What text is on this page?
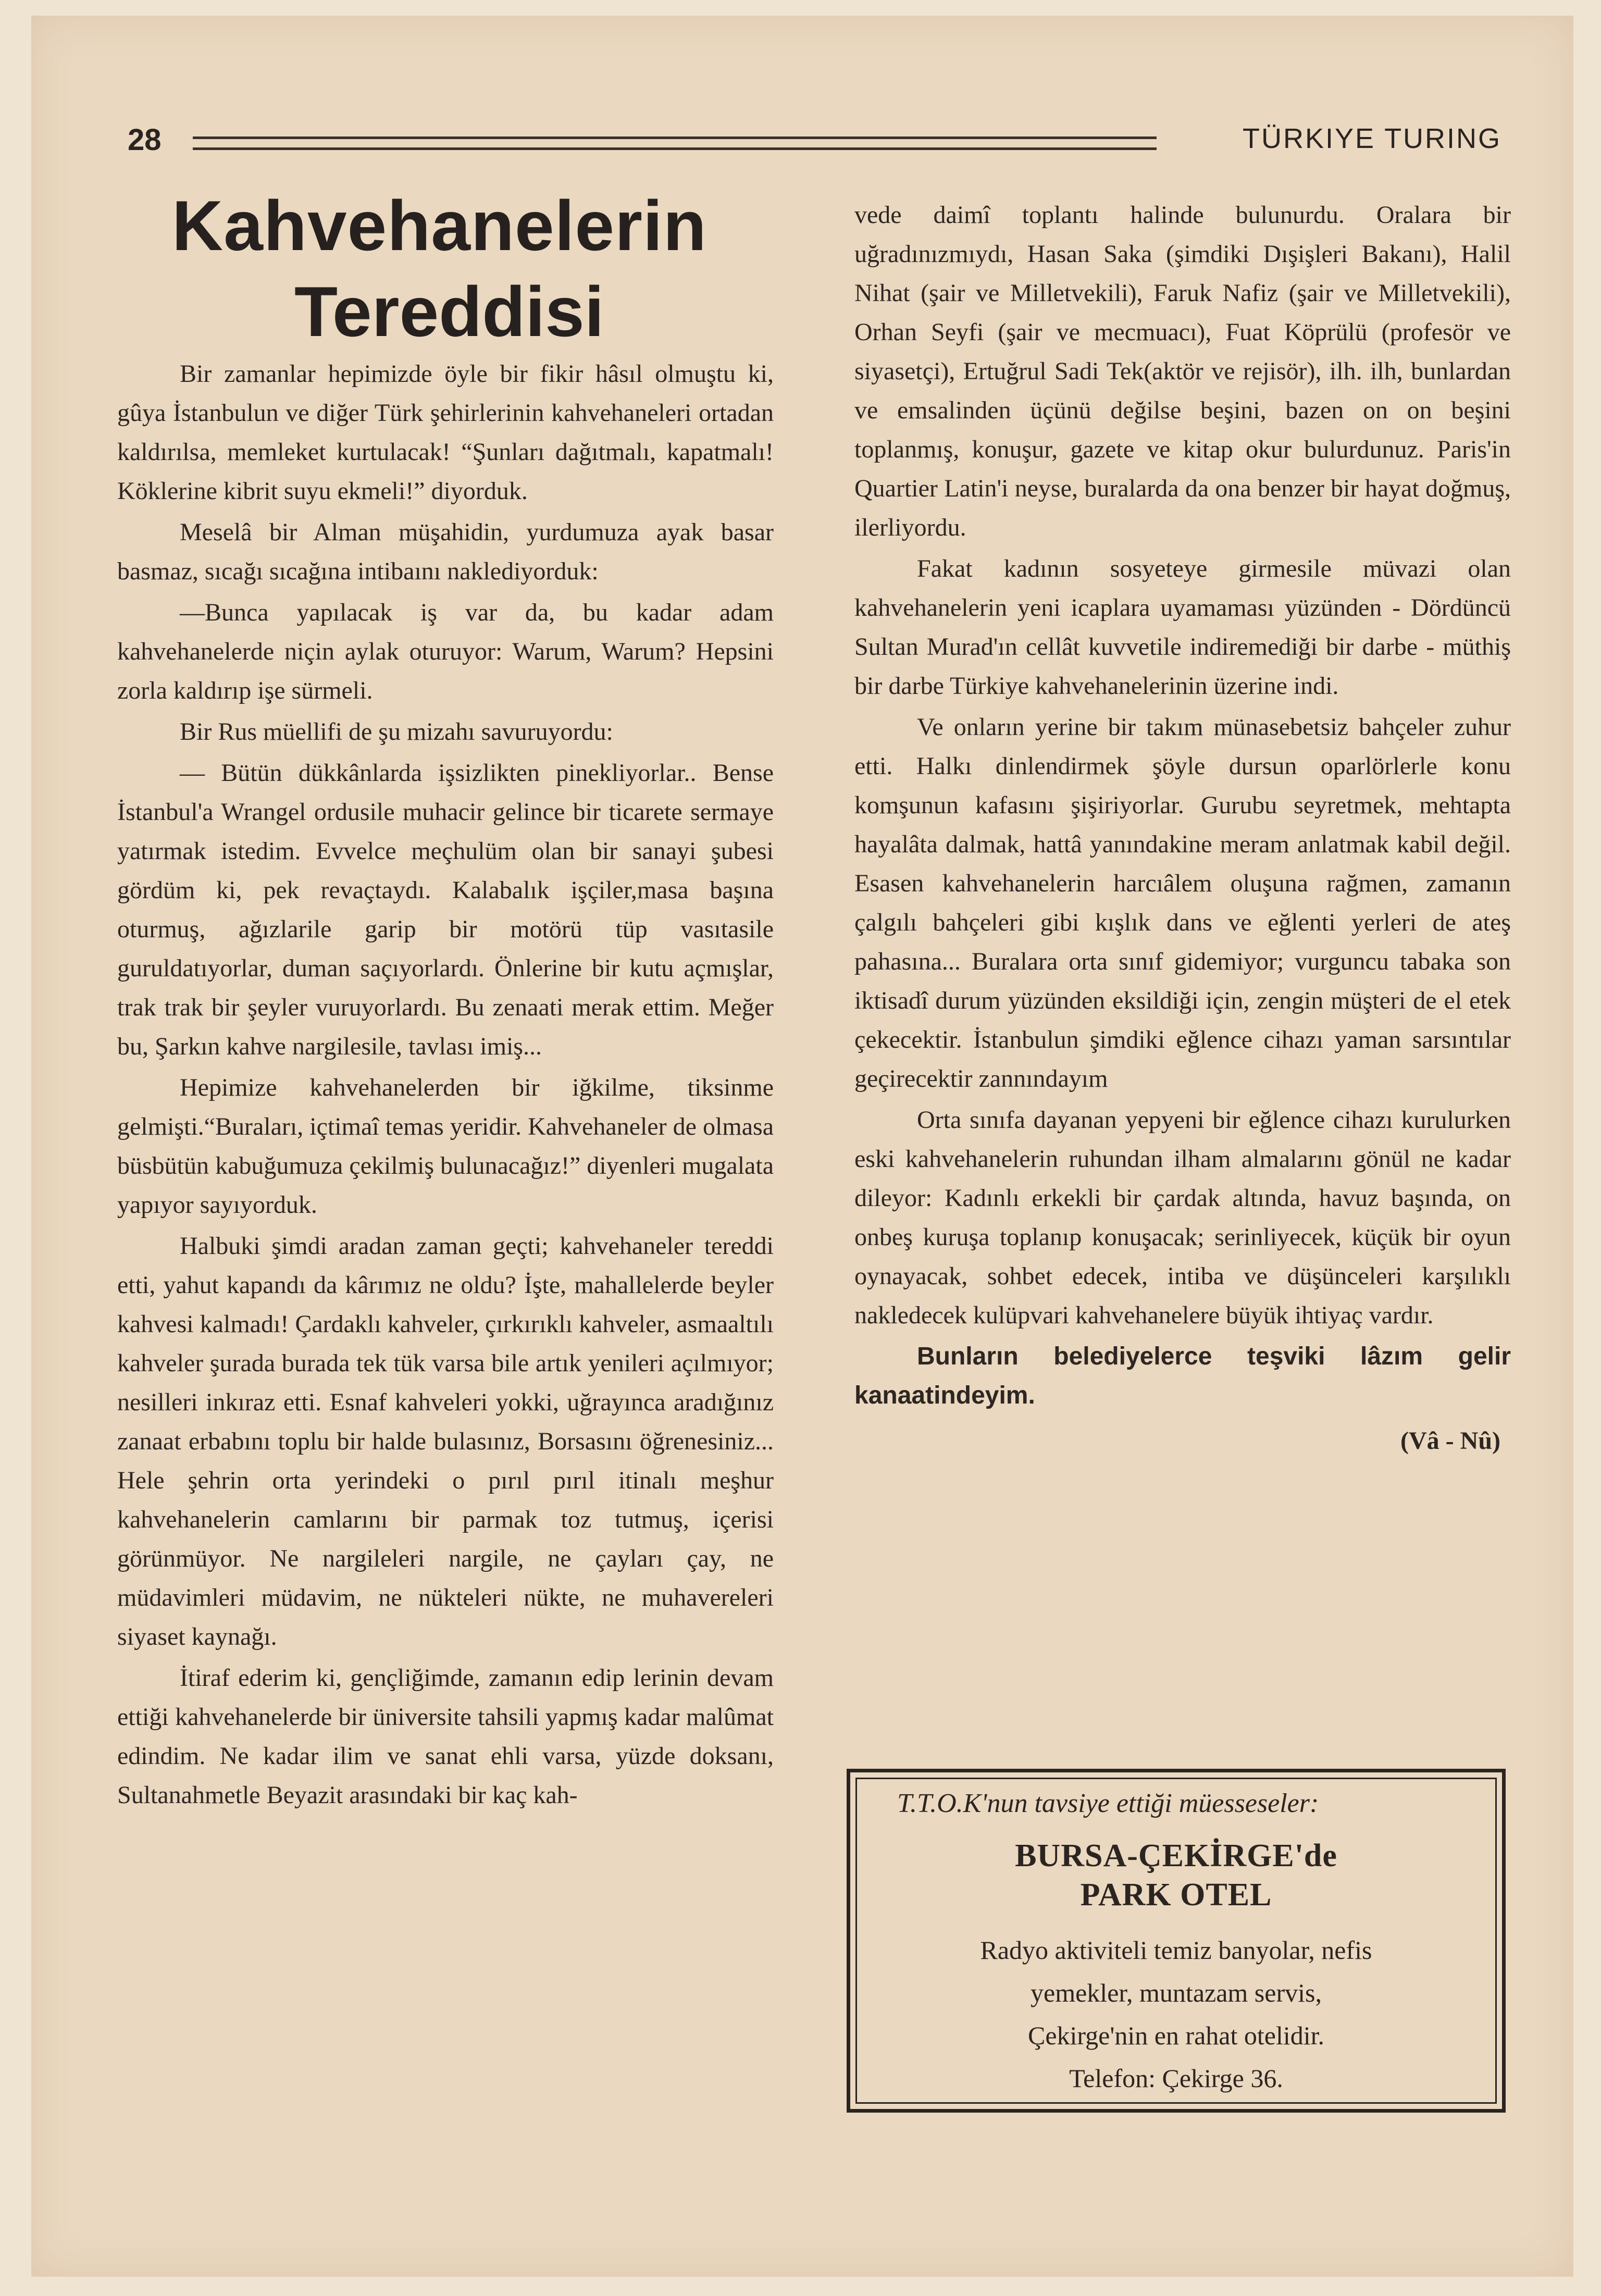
28	TÜRKIYE TURING
Kahvehanelerin
Tereddisi

Bir zamanlar hepimizde öyle bir fikir hâsıl olmuştu ki, gûya İstanbulun ve diğer Türk şehirlerinin kahvehaneleri ortadan kaldırılsa, memleket kurtulacak! “Şunları dağıtmalı, kapatmalı! Köklerine kibrit suyu ekmeli!” diyorduk.

Meselâ bir Alman müşahidin, yurdumuza ayak basar basmaz, sıcağı sıcağına intibaını naklediyorduk:

—Bunca yapılacak iş var da, bu kadar adam kahvehanelerde niçin aylak oturuyor: Warum, Warum? Hepsini zorla kaldırıp işe sürmeli.

Bir Rus müellifi de şu mizahı savuruyordu:

— Bütün dükkânlarda işsizlikten pinekliyorlar.. Bense İstanbul'a Wrangel ordusile muhacir gelince bir ticarete sermaye yatırmak istedim. Evvelce meçhulüm olan bir sanayi şubesi gördüm ki, pek revaçtaydı. Kalabalık işçiler,masa başına oturmuş, ağızlarile garip bir motörü tüp vasıtasile guruldatıyorlar, duman saçıyorlardı. Önlerine bir kutu açmışlar, trak trak bir şeyler vuruyorlardı. Bu zenaati merak ettim. Meğer bu, Şarkın kahve nargilesile, tavlası imiş...

Hepimize kahvehanelerden bir iğkilme, tiksinme gelmişti.“Buraları, içtimaî temas yeridir. Kahvehaneler de olmasa büsbütün kabuğumuza çekilmiş bulunacağız!” diyenleri mugalata yapıyor sayıyorduk.

Halbuki şimdi aradan zaman geçti; kahvehaneler tereddi etti, yahut kapandı da kârımız ne oldu? İşte, mahallelerde beyler kahvesi kalmadı! Çardaklı kahveler, çırkırıklı kahveler, asmaaltılı kahveler şurada burada tek tük varsa bile artık yenileri açılmıyor; nesilleri inkıraz etti. Esnaf kahveleri yokki, uğrayınca aradığınız zanaat erbabını toplu bir halde bulasınız, Borsasını öğrenesiniz... Hele şehrin orta yerindeki o pırıl pırıl itinalı meşhur kahvehanelerin camlarını bir parmak toz tutmuş, içerisi görünmüyor. Ne nargileleri nargile, ne çayları çay, ne müdavimleri müdavim, ne nükteleri nükte, ne muhavereleri siyaset kaynağı.

İtiraf ederim ki, gençliğimde, zamanın edip lerinin devam ettiği kahvehanelerde bir üniversite tahsili yapmış kadar malûmat edindim. Ne kadar ilim ve sanat ehli varsa, yüzde doksanı, Sultanahmetle Beyazit arasındaki bir kaç kah-

vede daimî toplantı halinde bulunurdu. Oralara bir uğradınızmıydı, Hasan Saka (şimdiki Dışişleri Bakanı), Halil Nihat (şair ve Milletvekili), Faruk Nafiz (şair ve Milletvekili), Orhan Seyfi (şair ve mecmuacı), Fuat Köprülü (profesör ve siyasetçi), Ertuğrul Sadi Tek(aktör ve rejisör), ilh. ilh, bunlardan ve emsalinden üçünü değilse beşini, bazen on on beşini toplanmış, konuşur, gazete ve kitap okur bulurdunuz. Paris'in Quartier Latin'i neyse, buralarda da ona benzer bir hayat doğmuş, ilerliyordu.

Fakat kadının sosyeteye girmesile müvazi olan kahvehanelerin yeni icaplara uyamaması yüzünden - Dördüncü Sultan Murad'ın cellât kuvvetile indiremediği bir darbe - müthiş bir darbe Türkiye kahvehanelerinin üzerine indi.

Ve onların yerine bir takım münasebetsiz bahçeler zuhur etti. Halkı dinlendirmek şöyle dursun oparlörlerle konu komşunun kafasını şişiriyorlar. Gurubu seyretmek, mehtapta hayalâta dalmak, hattâ yanındakine meram anlatmak kabil değil. Esasen kahvehanelerin harcıâlem oluşuna rağmen, zamanın çalgılı bahçeleri gibi kışlık dans ve eğlenti yerleri de ateş pahasına... Buralara orta sınıf gidemiyor; vurguncu tabaka son iktisadî durum yüzünden eksildiği için, zengin müşteri de el etek çekecektir. İstanbulun şimdiki eğlence cihazı yaman sarsıntılar geçirecektir zannındayım

Orta sınıfa dayanan yepyeni bir eğlence cihazı kurulurken eski kahvehanelerin ruhundan ilham almalarını gönül ne kadar dileyor: Kadınlı erkekli bir çardak altında, havuz başında, on onbeş kuruşa toplanıp konuşacak; serinliyecek, küçük bir oyun oynayacak, sohbet edecek, intiba ve düşünceleri karşılıklı nakledecek kulüpvari kahvehanelere büyük ihtiyaç vardır.

Bunların belediyelerce teşviki lâzım gelir kanaatindeyim.

(Vâ - Nû)
T.T.O.K'nun tavsiye ettiği müesseseler:
BURSA-ÇEKİRGE'de
PARK OTEL
Radyo aktiviteli temiz banyolar, nefis
yemekler, muntazam servis,
Çekirge'nin en rahat otelidir.
Telefon: Çekirge 36.
